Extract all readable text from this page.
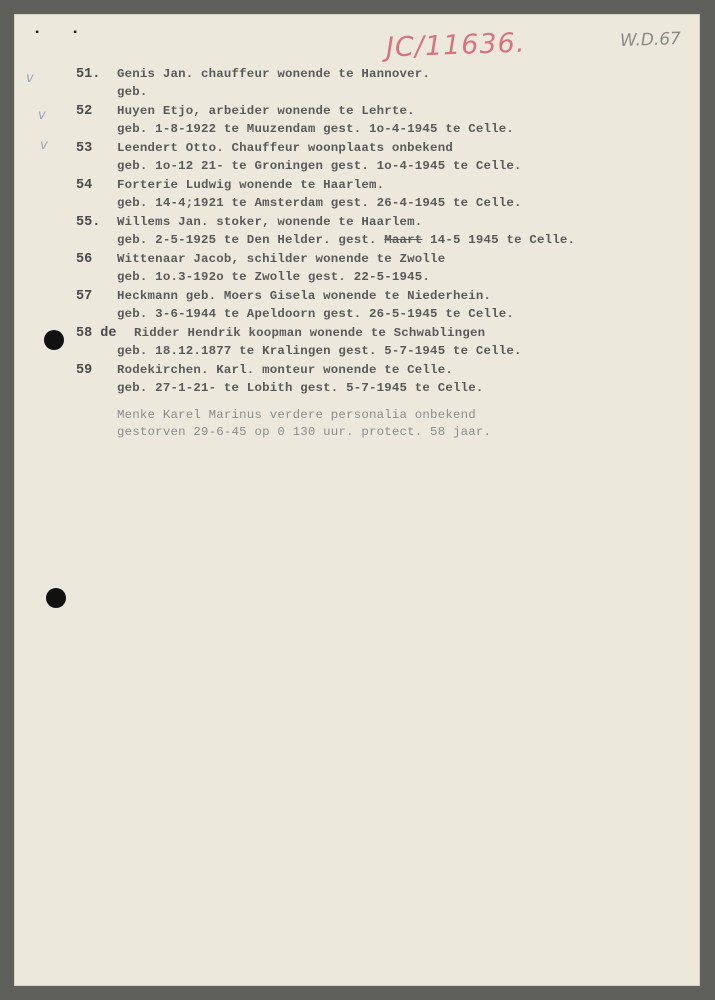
▪	▪	JC/11636.	W.D.67
v
v
v
51. Genis Jan. chauffeur wonende te Hannover.
geb.
52 Huyen Etjo, arbeider wonende te Lehrte.
geb. 1-8-1922 te Muuzendam gest. 1o-4-1945 te Celle.
53 Leendert Otto. Chauffeur woonplaats onbekend
geb. 1o-12 21- te Groningen gest. 1o-4-1945 te Celle.
54 Forterie Ludwig wonende te Haarlem.
geb. 14-4;1921 te Amsterdam gest. 26-4-1945 te Celle.
55. Willems Jan. stoker, wonende te Haarlem.
geb. 2-5-1925 te Den Helder. gest. Maart 14-5 1945 te Celle.
56 Wittenaar Jacob, schilder wonende te Zwolle
geb. 1o.3-192o te Zwolle gest. 22-5-1945.
57 Heckmann geb. Moers Gisela wonende te Niederhein.
geb. 3-6-1944 te Apeldoorn gest. 26-5-1945 te Celle.
58 de Ridder Hendrik koopman wonende te Schwablingen
geb. 18.12.1877 te Kralingen gest. 5-7-1945 te Celle.
59 Rodekirchen. Karl. monteur wonende te Celle.
geb. 27-1-21- te Lobith gest. 5-7-1945 te Celle.
Menke Karel Marinus verdere personalia onbekend
gestorven 29-6-45 op 0 130 uur. protect. 58 jaar.
